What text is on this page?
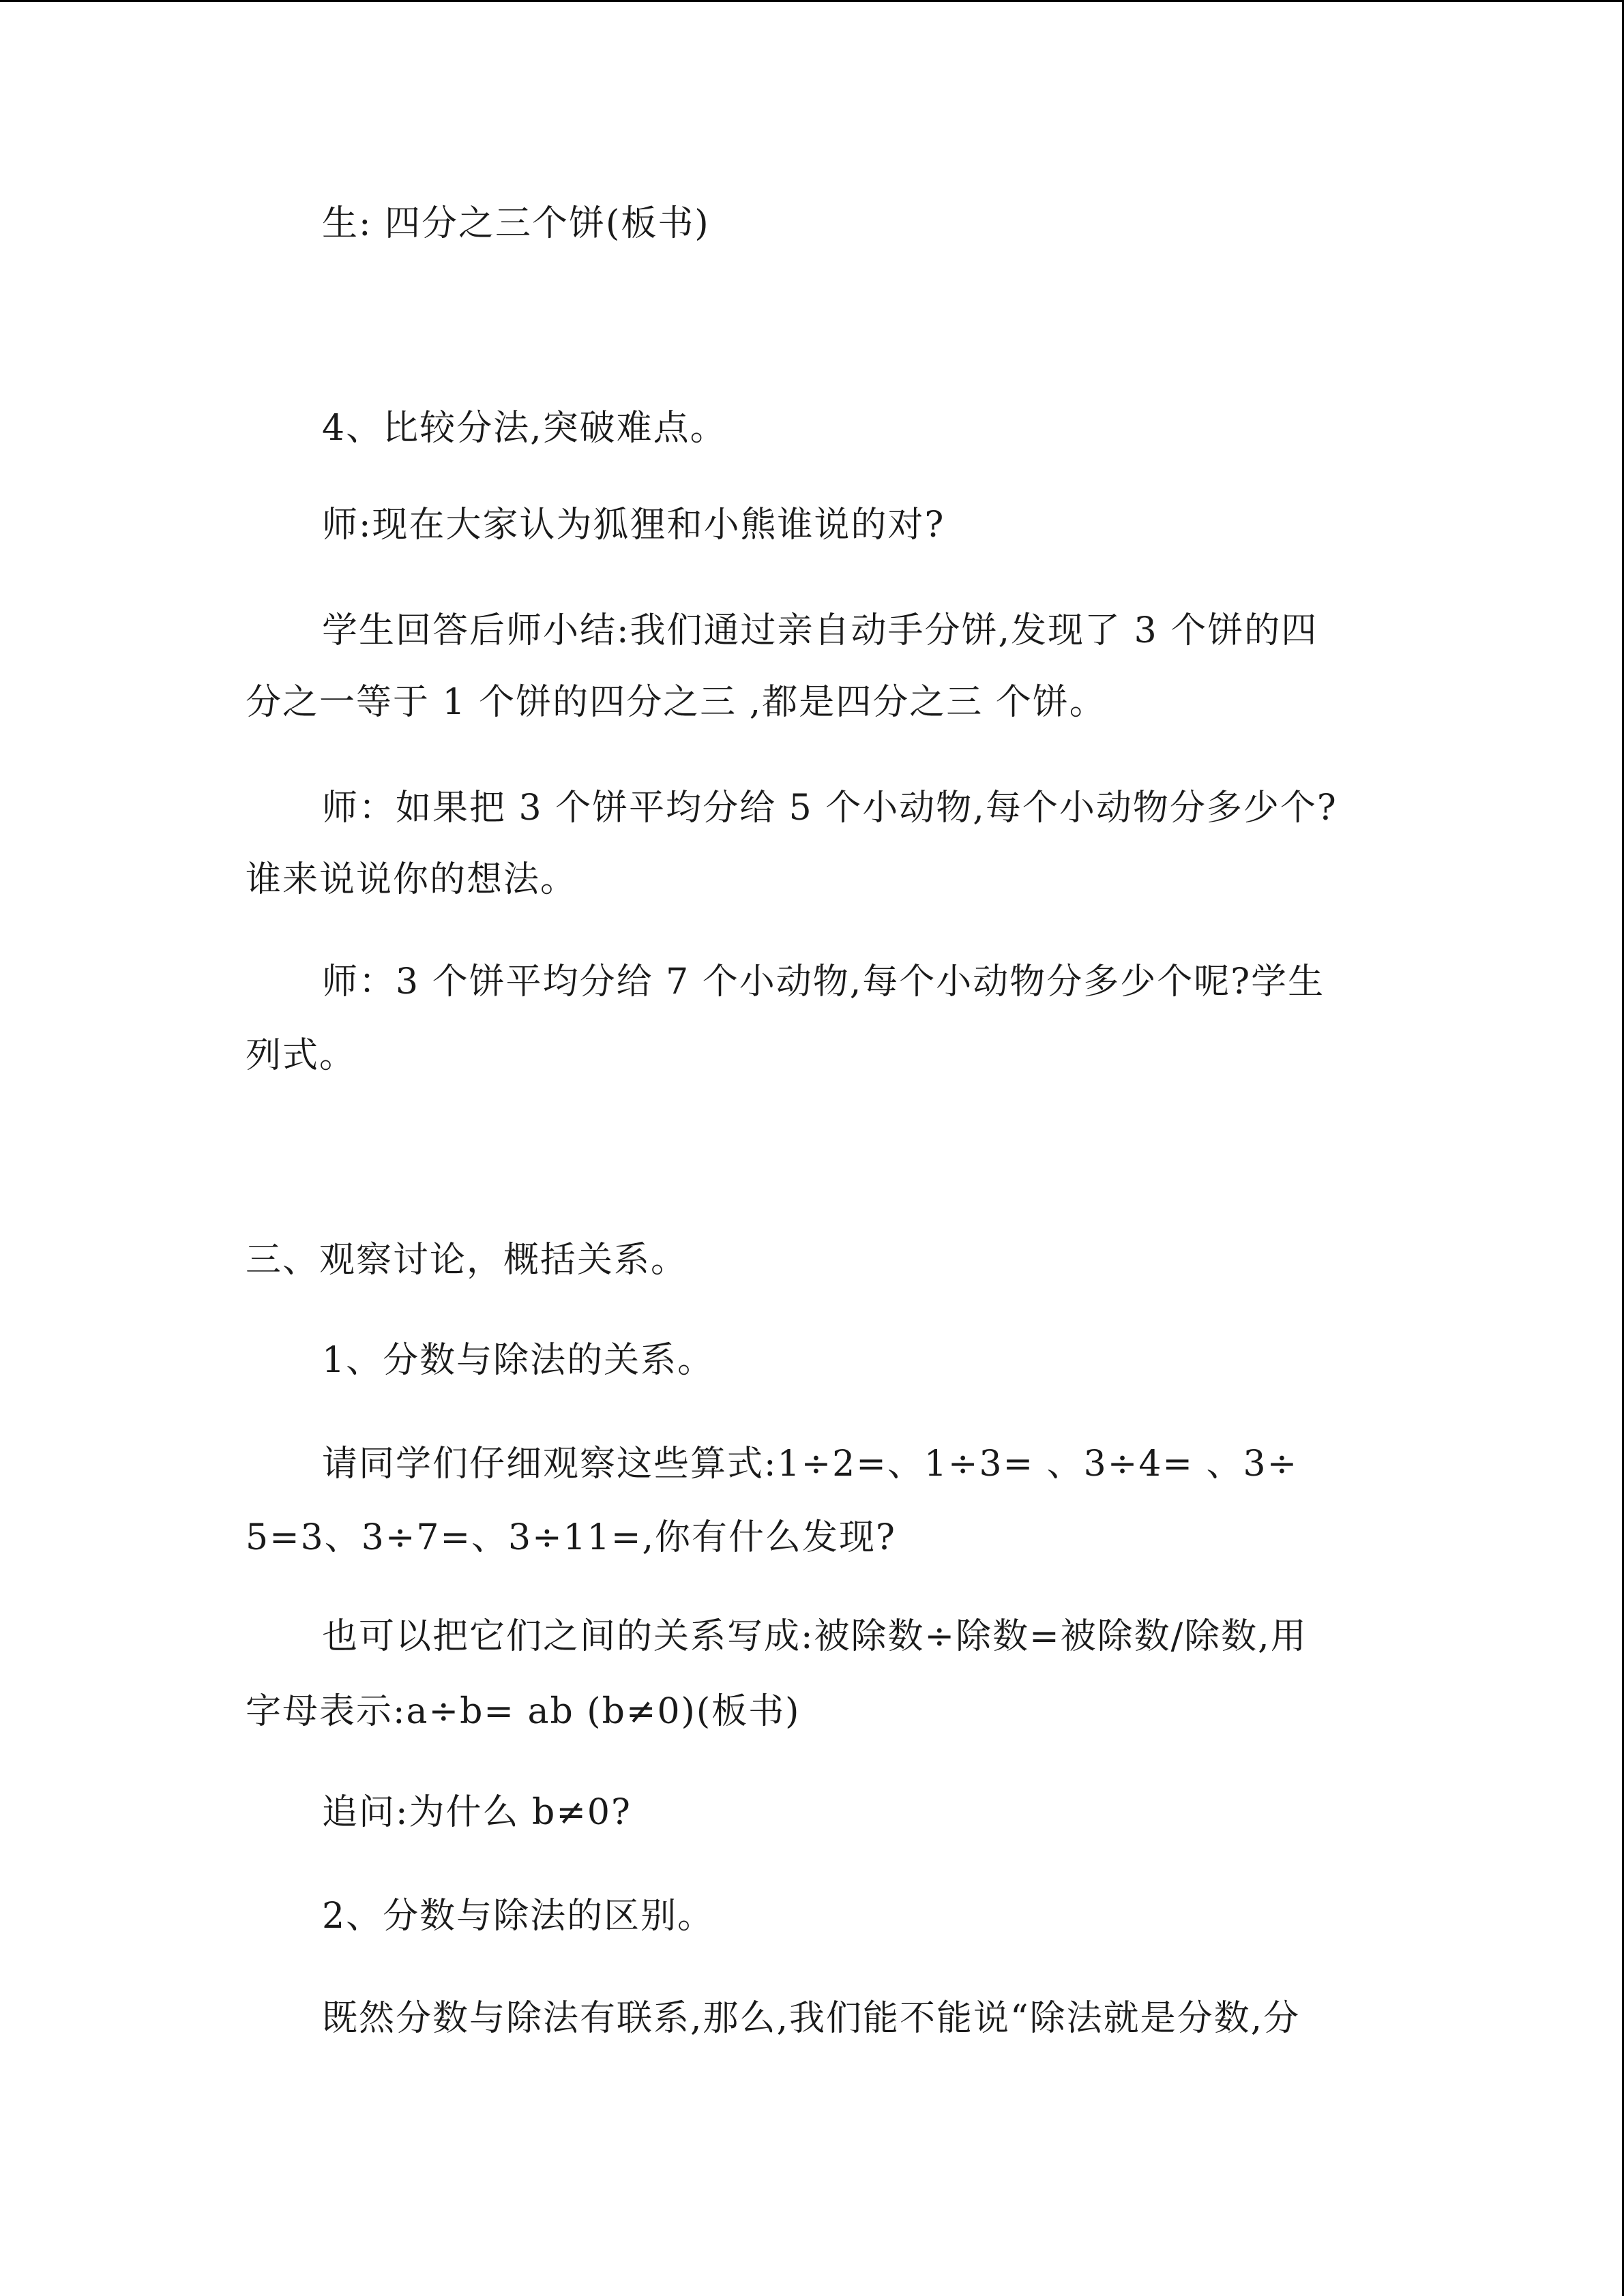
生: 四分之三个饼(板书)
4、比较分法,突破难点。
师:现在大家认为狐狸和小熊谁说的对?
学生回答后师小结:我们通过亲自动手分饼,发现了 3 个饼的四
分之一等于 1 个饼的四分之三 ,都是四分之三 个饼。
师：如果把 3 个饼平均分给 5 个小动物,每个小动物分多少个?
谁来说说你的想法。
师：3 个饼平均分给 7 个小动物,每个小动物分多少个呢?学生
列式。
三、观察讨论，概括关系。
1、分数与除法的关系。
请同学们仔细观察这些算式:1÷2=、1÷3= 、3÷4= 、3÷
5=3、3÷7=、3÷11=,你有什么发现?
也可以把它们之间的关系写成:被除数÷除数=被除数/除数,用
字母表示:a÷b= ab (b≠0)(板书)
追问:为什么 b≠0?
2、分数与除法的区别。
既然分数与除法有联系,那么,我们能不能说“除法就是分数,分
